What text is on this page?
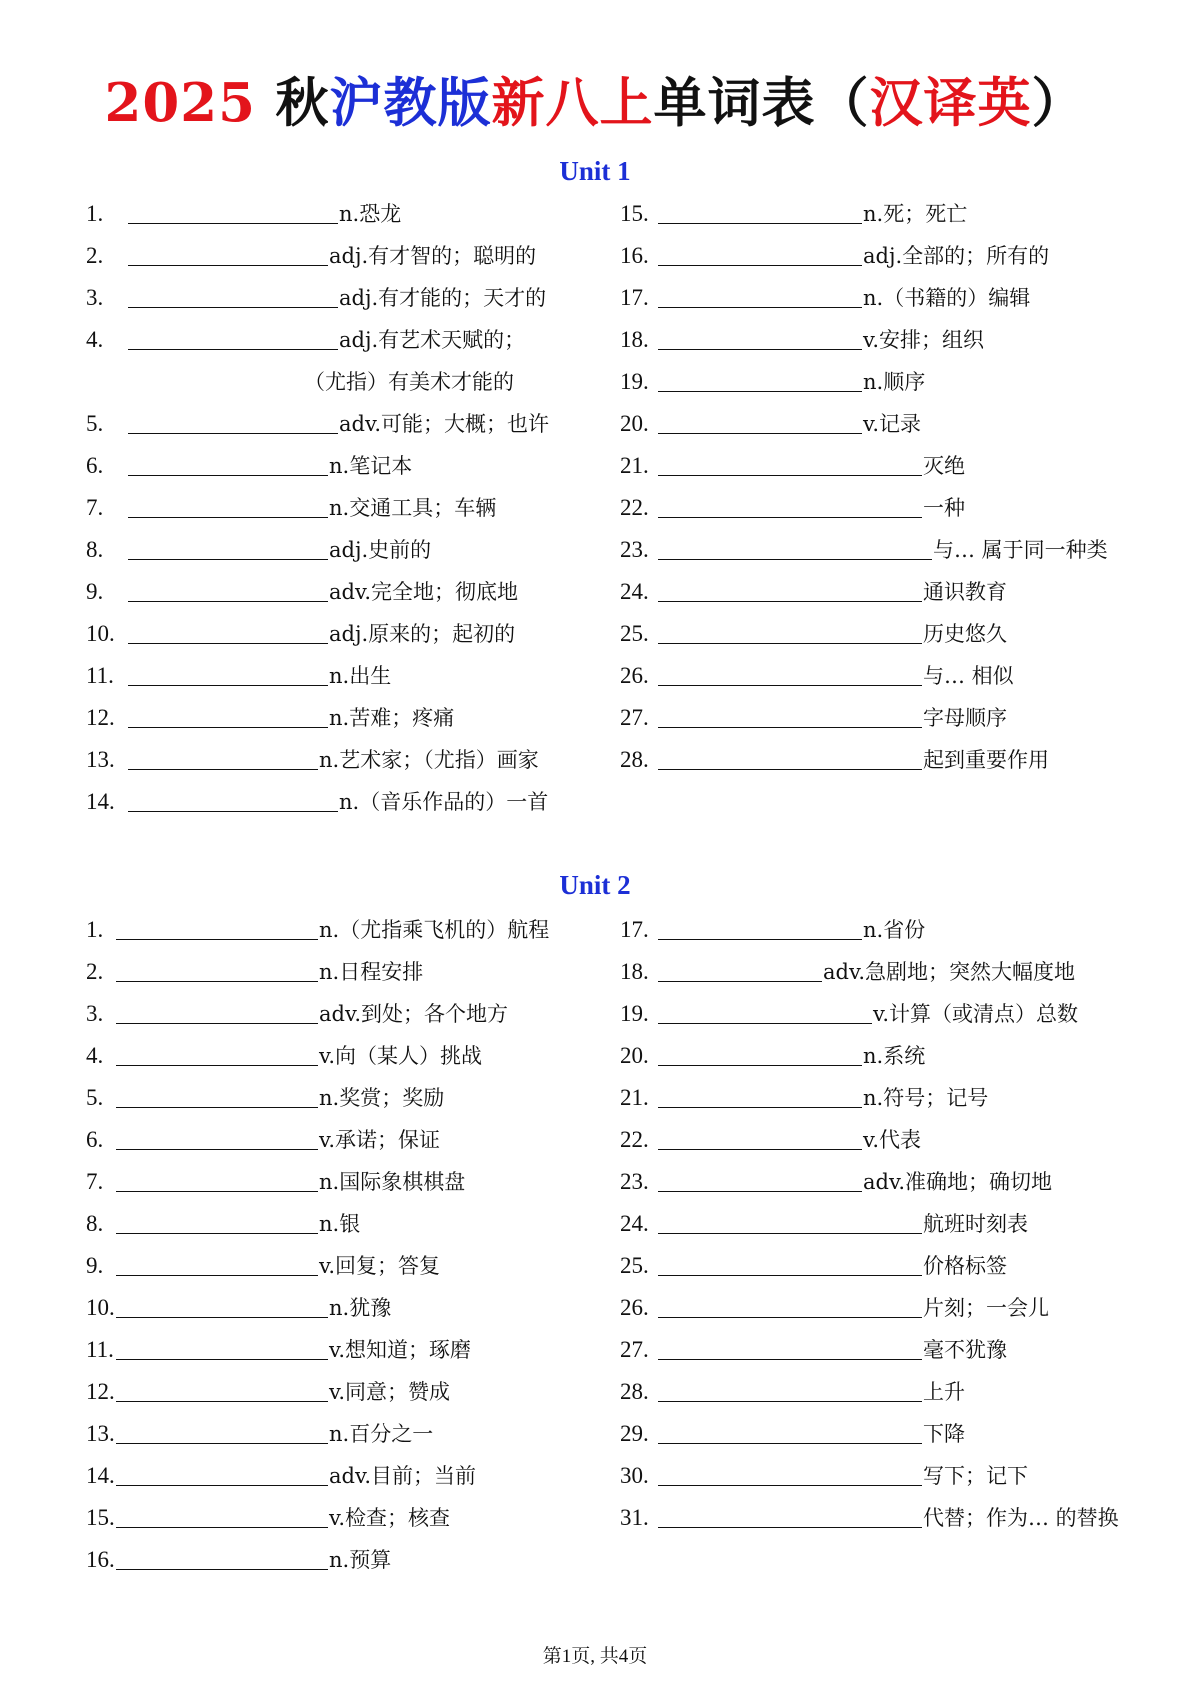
2025 秋沪教版新八上单词表（汉译英）
Unit 1
1.	n.恐龙
2.	adj.有才智的；聪明的
3.	adj.有才能的；天才的
4.	adj.有艺术天赋的；
（尤指）有美术才能的
5.	adv.可能；大概；也许
6.	n.笔记本
7.	n.交通工具；车辆
8.	adj.史前的
9.	adv.完全地；彻底地
10.	adj.原来的；起初的
11.	n.出生
12.	n.苦难；疼痛
13.	n.艺术家；（尤指）画家
14.	n.（音乐作品的）一首
15.	n.死；死亡
16.	adj.全部的；所有的
17.	n.（书籍的）编辑
18.	v.安排；组织
19.	n.顺序
20.	v.记录
21.	灭绝
22.	一种
23.	与… 属于同一种类
24.	通识教育
25.	历史悠久
26.	与… 相似
27.	字母顺序
28.	起到重要作用
Unit 2
1.	n.（尤指乘飞机的）航程
2.	n.日程安排
3.	adv.到处；各个地方
4.	v.向（某人）挑战
5.	n.奖赏；奖励
6.	v.承诺；保证
7.	n.国际象棋棋盘
8.	n.银
9.	v.回复；答复
10.	n.犹豫
11.	v.想知道；琢磨
12.	v.同意；赞成
13.	n.百分之一
14.	adv.目前；当前
15.	v.检查；核查
16.	n.预算
17.	n.省份
18.	adv.急剧地；突然大幅度地
19.	v.计算（或清点）总数
20.	n.系统
21.	n.符号；记号
22.	v.代表
23.	adv.准确地；确切地
24.	航班时刻表
25.	价格标签
26.	片刻；一会儿
27.	毫不犹豫
28.	上升
29.	下降
30.	写下；记下
31.	代替；作为… 的替换
第1页, 共4页
